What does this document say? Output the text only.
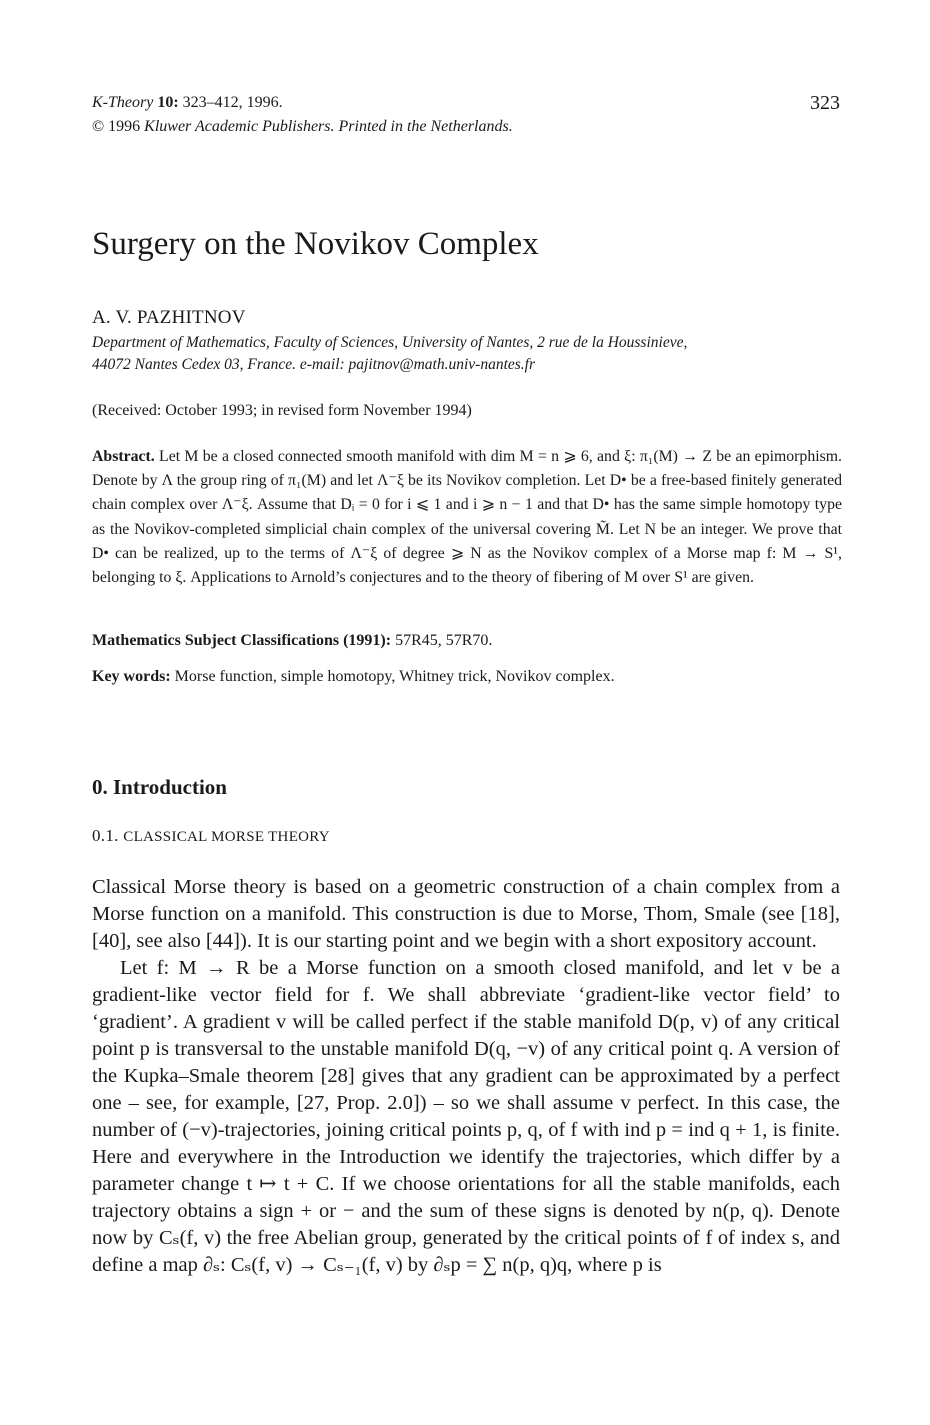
K-Theory 10: 323–412, 1996.
© 1996 Kluwer Academic Publishers. Printed in the Netherlands.
323
Surgery on the Novikov Complex
A. V. PAZHITNOV
Department of Mathematics, Faculty of Sciences, University of Nantes, 2 rue de la Houssinieve,
44072 Nantes Cedex 03, France. e-mail: pajitnov@math.univ-nantes.fr
(Received: October 1993; in revised form November 1994)
Abstract. Let M be a closed connected smooth manifold with dim M = n ⩾ 6, and ξ: π₁(M) → Z be an epimorphism. Denote by Λ the group ring of π₁(M) and let Λ⁻ξ be its Novikov completion. Let D• be a free-based finitely generated chain complex over Λ⁻ξ. Assume that Dᵢ = 0 for i ⩽ 1 and i ⩾ n − 1 and that D• has the same simple homotopy type as the Novikov-completed simplicial chain complex of the universal covering M̃. Let N be an integer. We prove that D• can be realized, up to the terms of Λ⁻ξ of degree ⩾ N as the Novikov complex of a Morse map f: M → S¹, belonging to ξ. Applications to Arnold’s conjectures and to the theory of fibering of M over S¹ are given.
Mathematics Subject Classifications (1991): 57R45, 57R70.
Key words: Morse function, simple homotopy, Whitney trick, Novikov complex.
0. Introduction
0.1. CLASSICAL MORSE THEORY

Classical Morse theory is based on a geometric construction of a chain complex from a Morse function on a manifold. This construction is due to Morse, Thom, Smale (see [18], [40], see also [44]). It is our starting point and we begin with a short expository account.

Let f: M → R be a Morse function on a smooth closed manifold, and let v be a gradient-like vector field for f. We shall abbreviate ‘gradient-like vector field’ to ‘gradient’. A gradient v will be called perfect if the stable manifold D(p, v) of any critical point p is transversal to the unstable manifold D(q, −v) of any critical point q. A version of the Kupka–Smale theorem [28] gives that any gradient can be approximated by a perfect one – see, for example, [27, Prop. 2.0]) – so we shall assume v perfect. In this case, the number of (−v)-trajectories, joining critical points p, q, of f with ind p = ind q + 1, is finite. Here and everywhere in the Introduction we identify the trajectories, which differ by a parameter change t ↦ t + C. If we choose orientations for all the stable manifolds, each trajectory obtains a sign + or − and the sum of these signs is denoted by n(p, q). Denote now by Cₛ(f, v) the free Abelian group, generated by the critical points of f of index s, and define a map ∂ₛ: Cₛ(f, v) → Cₛ₋₁(f, v) by ∂ₛp = ∑ n(p, q)q, where p is
